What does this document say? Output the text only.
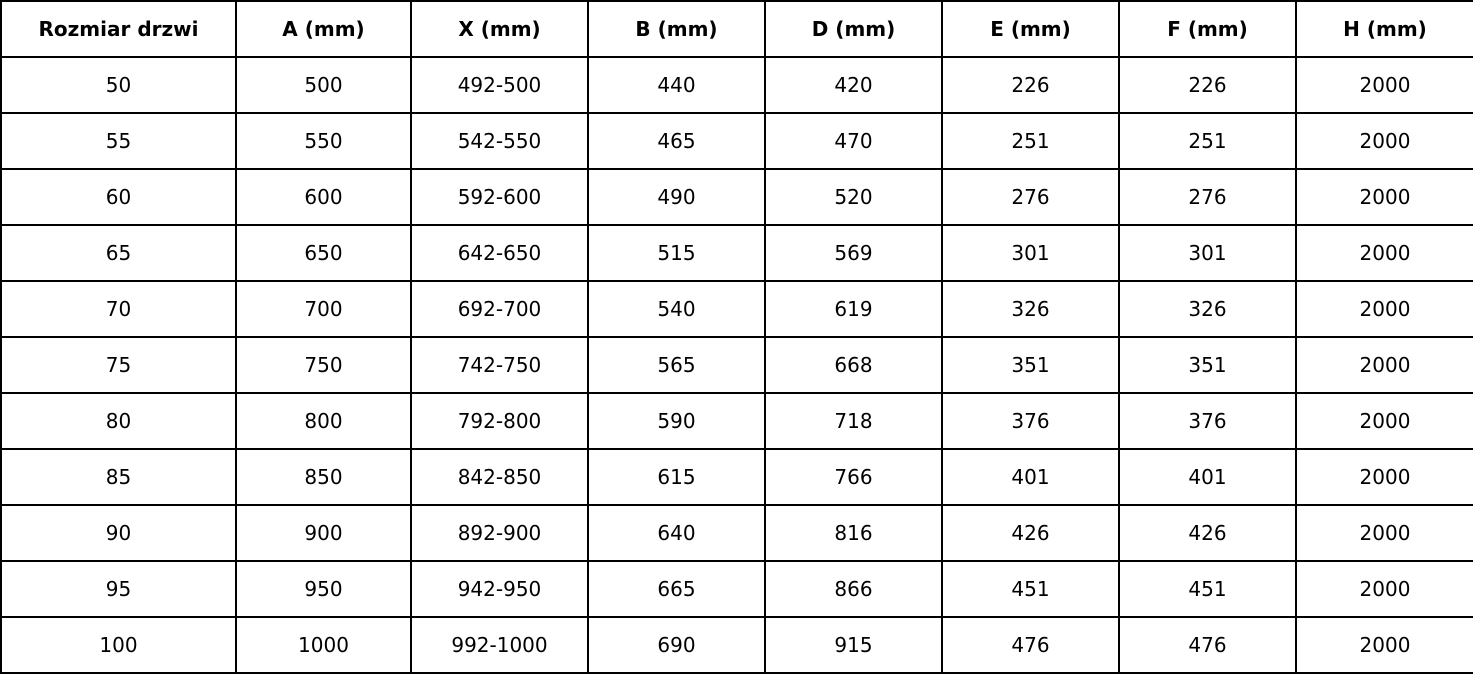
Rozmiar drzwi	A (mm)	X (mm)	B (mm)	D (mm)	E (mm)	F (mm)	H (mm)
50	500	492-500	440	420	226	226	2000
55	550	542-550	465	470	251	251	2000
60	600	592-600	490	520	276	276	2000
65	650	642-650	515	569	301	301	2000
70	700	692-700	540	619	326	326	2000
75	750	742-750	565	668	351	351	2000
80	800	792-800	590	718	376	376	2000
85	850	842-850	615	766	401	401	2000
90	900	892-900	640	816	426	426	2000
95	950	942-950	665	866	451	451	2000
100	1000	992-1000	690	915	476	476	2000
